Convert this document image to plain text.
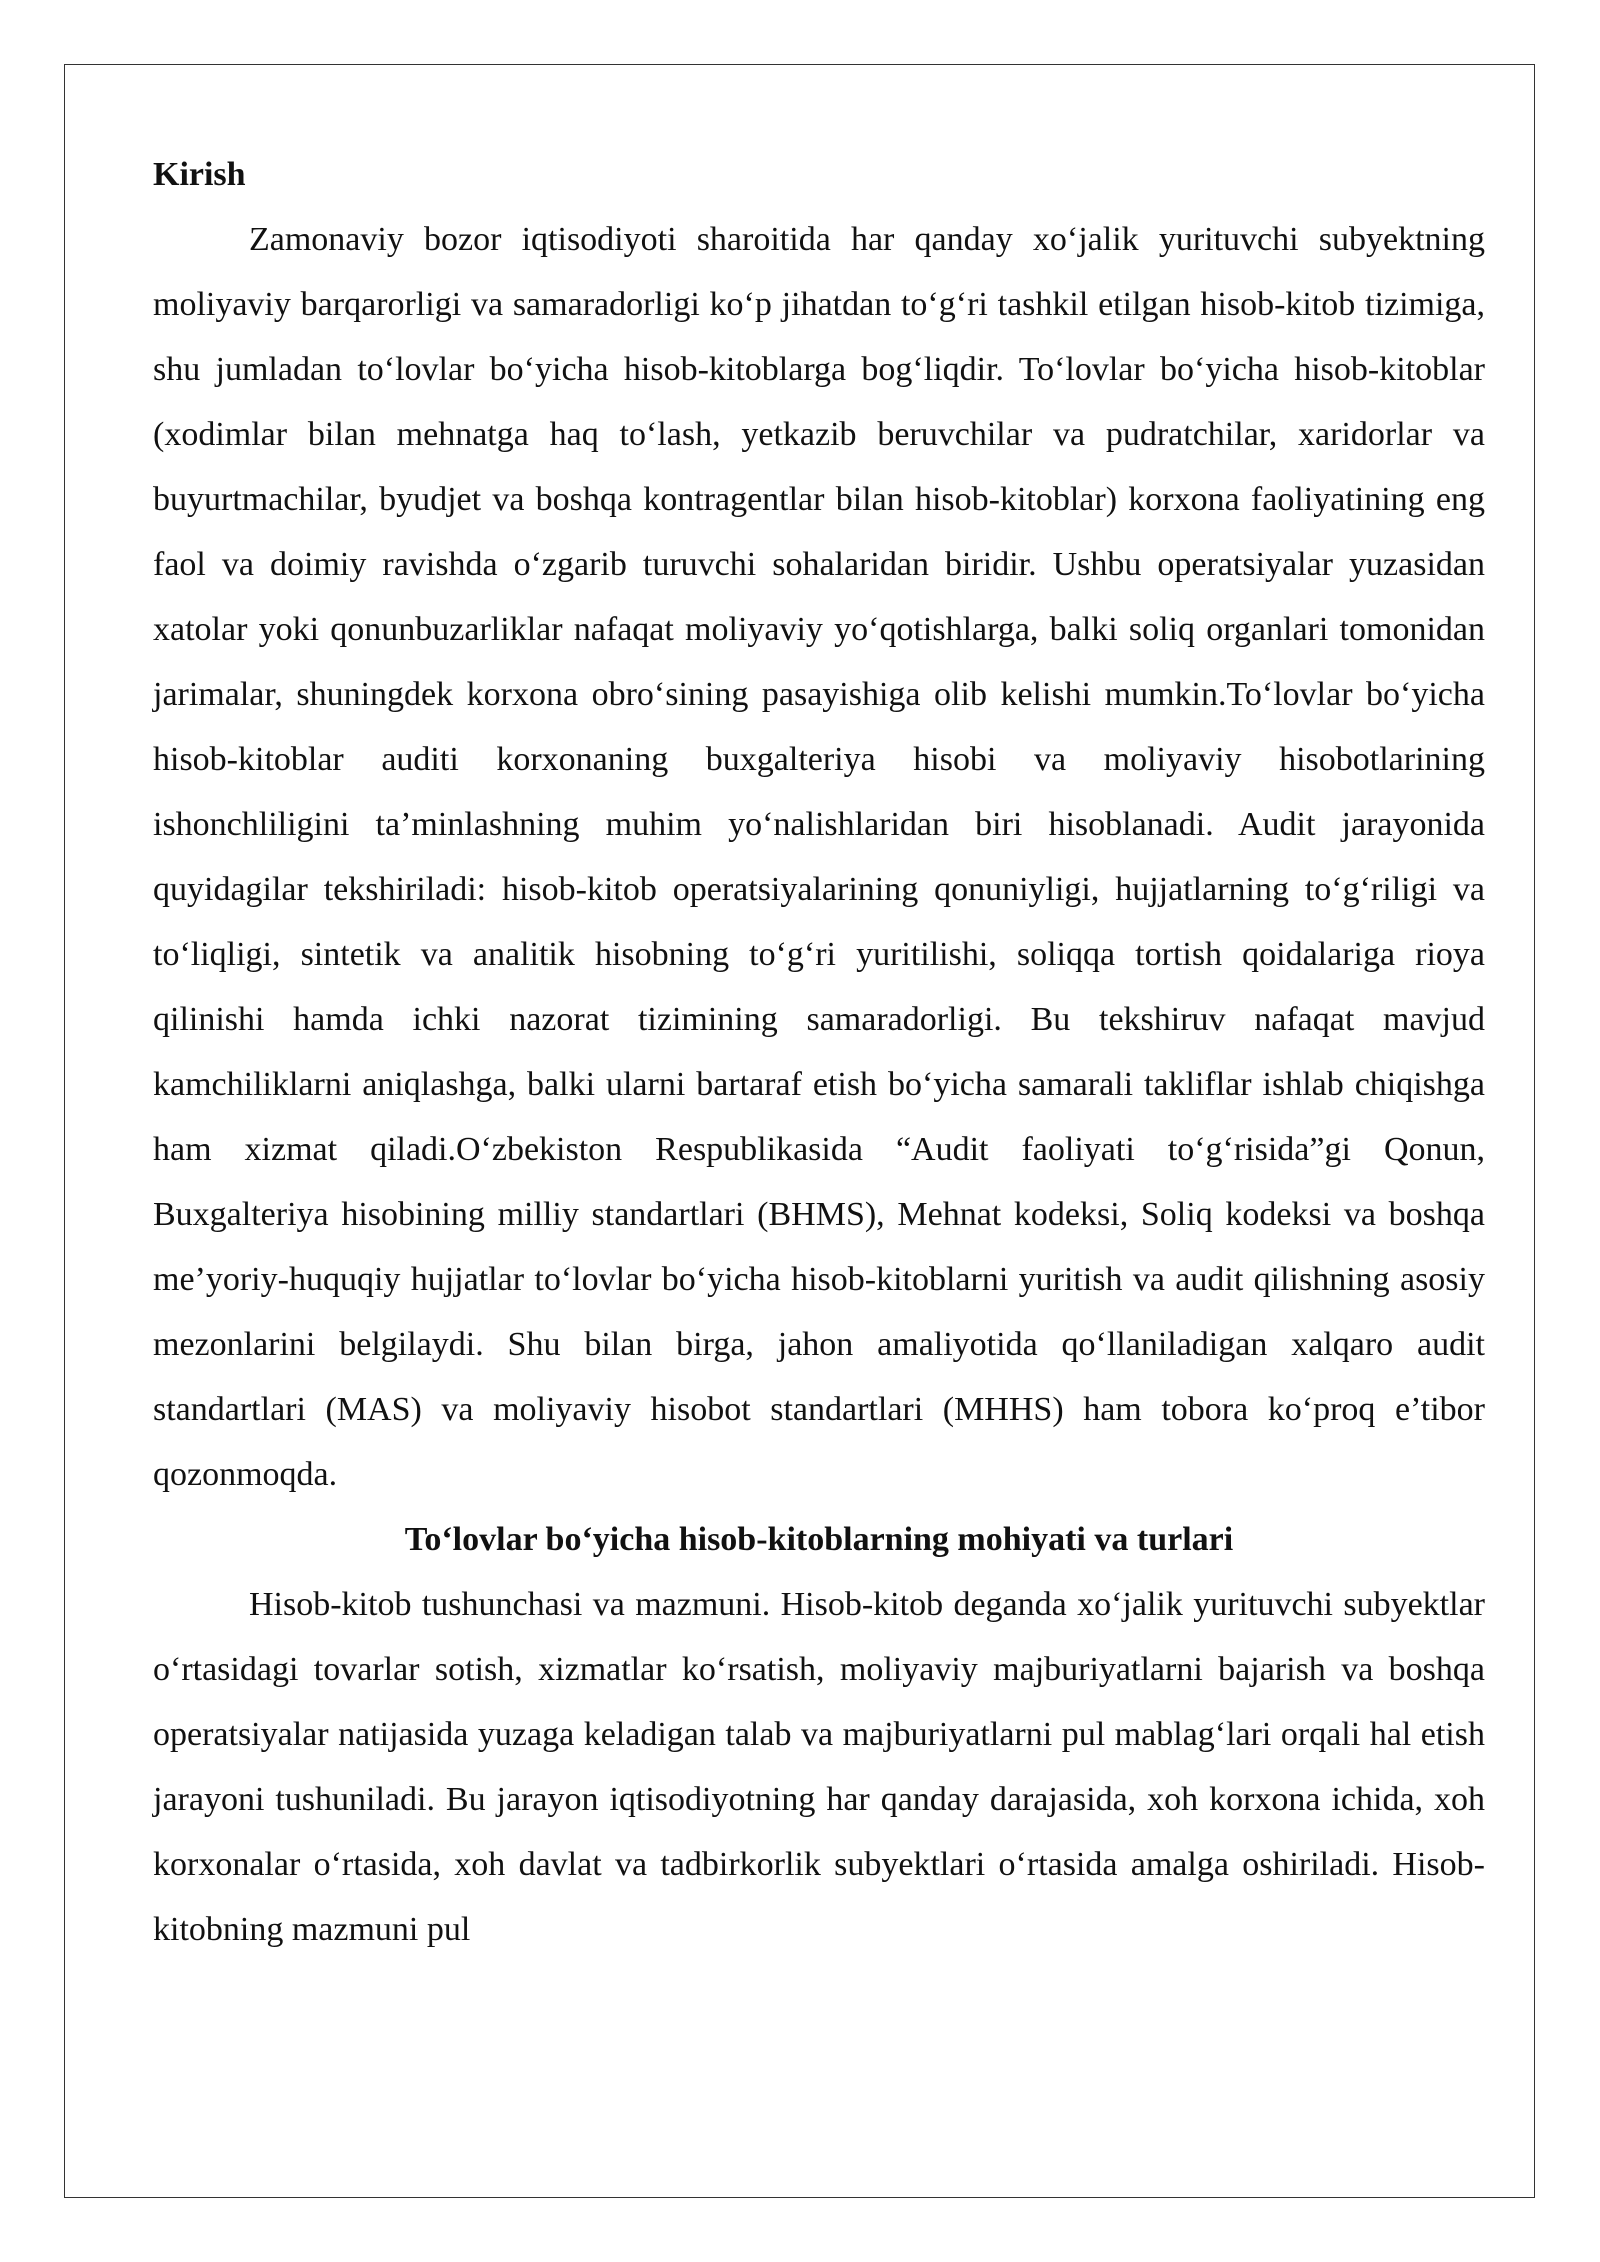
Kirish

Zamonaviy bozor iqtisodiyoti sharoitida har qanday xo‘jalik yurituvchi subyektning moliyaviy barqarorligi va samaradorligi ko‘p jihatdan to‘g‘ri tashkil etilgan hisob-kitob tizimiga, shu jumladan to‘lovlar bo‘yicha hisob-kitoblarga bog‘liqdir. To‘lovlar bo‘yicha hisob-kitoblar (xodimlar bilan mehnatga haq to‘lash, yetkazib beruvchilar va pudratchilar, xaridorlar va buyurtmachilar, byudjet va boshqa kontragentlar bilan hisob-kitoblar) korxona faoliyatining eng faol va doimiy ravishda o‘zgarib turuvchi sohalaridan biridir. Ushbu operatsiyalar yuzasidan xatolar yoki qonunbuzarliklar nafaqat moliyaviy yo‘qotishlarga, balki soliq organlari tomonidan jarimalar, shuningdek korxona obro‘sining pasayishiga olib kelishi mumkin.To‘lovlar bo‘yicha hisob-kitoblar auditi korxonaning buxgalteriya hisobi va moliyaviy hisobotlarining ishonchliligini ta’minlashning muhim yo‘nalishlaridan biri hisoblanadi. Audit jarayonida quyidagilar tekshiriladi: hisob-kitob operatsiyalarining qonuniyligi, hujjatlarning to‘g‘riligi va to‘liqligi, sintetik va analitik hisobning to‘g‘ri yuritilishi, soliqqa tortish qoidalariga rioya qilinishi hamda ichki nazorat tizimining samaradorligi. Bu tekshiruv nafaqat mavjud kamchiliklarni aniqlashga, balki ularni bartaraf etish bo‘yicha samarali takliflar ishlab chiqishga ham xizmat qiladi.O‘zbekiston Respublikasida “Audit faoliyati to‘g‘risida”gi Qonun, Buxgalteriya hisobining milliy standartlari (BHMS), Mehnat kodeksi, Soliq kodeksi va boshqa me’yoriy-huquqiy hujjatlar to‘lovlar bo‘yicha hisob-kitoblarni yuritish va audit qilishning asosiy mezonlarini belgilaydi. Shu bilan birga, jahon amaliyotida qo‘llaniladigan xalqaro audit standartlari (MAS) va moliyaviy hisobot standartlari (MHHS) ham tobora ko‘proq e’tibor qozonmoqda.

To‘lovlar bo‘yicha hisob-kitoblarning mohiyati va turlari

Hisob-kitob tushunchasi va mazmuni. Hisob-kitob deganda xo‘jalik yurituvchi subyektlar o‘rtasidagi tovarlar sotish, xizmatlar ko‘rsatish, moliyaviy majburiyatlarni bajarish va boshqa operatsiyalar natijasida yuzaga keladigan talab va majburiyatlarni pul mablag‘lari orqali hal etish jarayoni tushuniladi. Bu jarayon iqtisodiyotning har qanday darajasida, xoh korxona ichida, xoh korxonalar o‘rtasida, xoh davlat va tadbirkorlik subyektlari o‘rtasida amalga oshiriladi. Hisob-kitobning mazmuni pul
